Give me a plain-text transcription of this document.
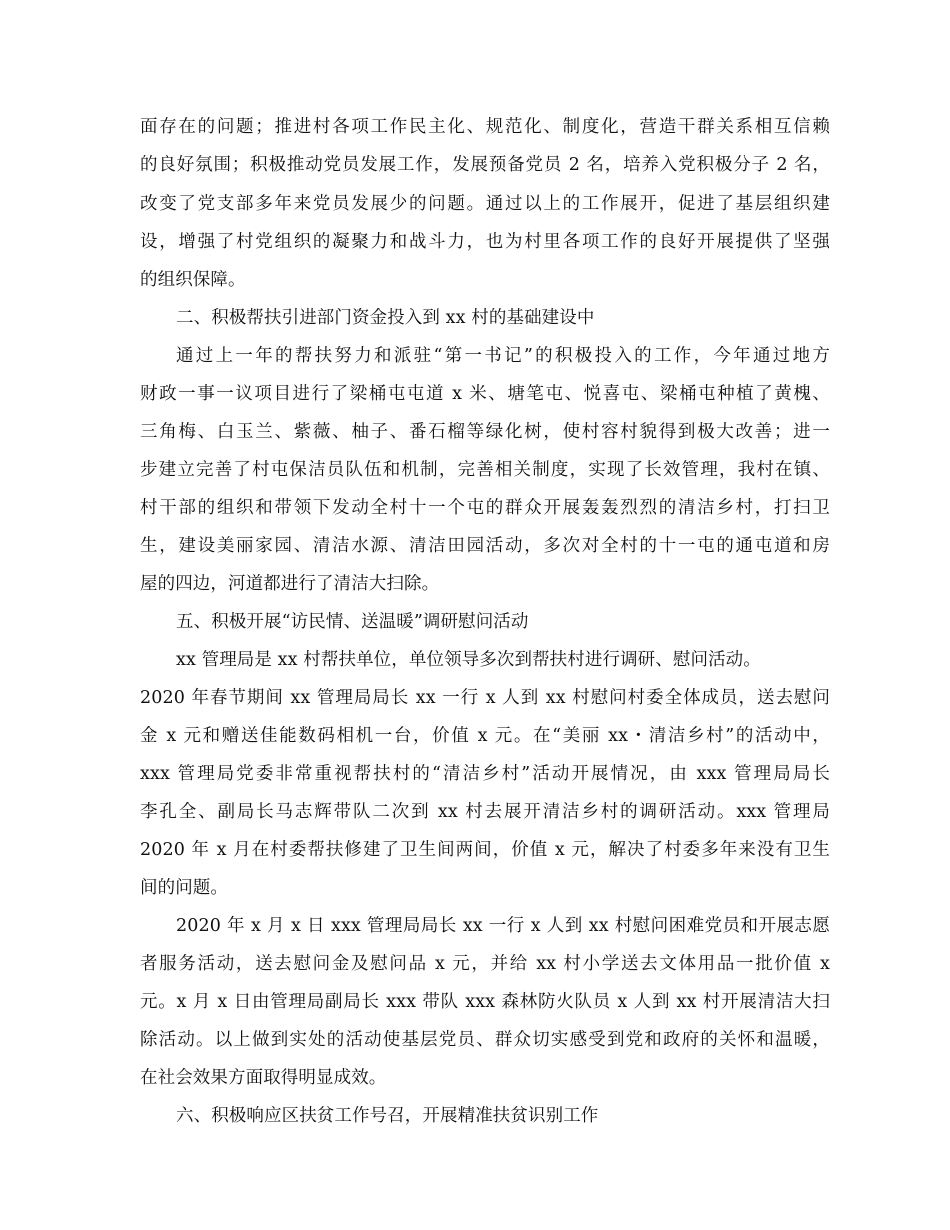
面存在的问题；推进村各项工作民主化、规范化、制度化，营造干群关系相互信赖
的良好氛围；积极推动党员发展工作，发展预备党员 2 名，培养入党积极分子 2 名，
改变了党支部多年来党员发展少的问题。通过以上的工作展开，促进了基层组织建
设，增强了村党组织的凝聚力和战斗力，也为村里各项工作的良好开展提供了坚强
的组织保障。
二、积极帮扶引进部门资金投入到 xx 村的基础建设中
通过上一年的帮扶努力和派驻“第一书记”的积极投入的工作，今年通过地方
财政一事一议项目进行了梁桶屯屯道 x 米、塘笔屯、悦喜屯、梁桶屯种植了黄槐、
三角梅、白玉兰、紫薇、柚子、番石榴等绿化树，使村容村貌得到极大改善；进一
步建立完善了村屯保洁员队伍和机制，完善相关制度，实现了长效管理，我村在镇、
村干部的组织和带领下发动全村十一个屯的群众开展轰轰烈烈的清洁乡村，打扫卫
生，建设美丽家园、清洁水源、清洁田园活动，多次对全村的十一屯的通屯道和房
屋的四边，河道都进行了清洁大扫除。
五、积极开展“访民情、送温暖”调研慰问活动
xx 管理局是 xx 村帮扶单位，单位领导多次到帮扶村进行调研、慰问活动。
2020 年春节期间 xx 管理局局长 xx 一行 x 人到 xx 村慰问村委全体成员，送去慰问
金 x 元和赠送佳能数码相机一台，价值 x 元。在“美丽 xx・清洁乡村”的活动中，
xxx 管理局党委非常重视帮扶村的“清洁乡村”活动开展情况，由 xxx 管理局局长
李孔全、副局长马志辉带队二次到 xx 村去展开清洁乡村的调研活动。xxx 管理局
2020 年 x 月在村委帮扶修建了卫生间两间，价值 x 元，解决了村委多年来没有卫生
间的问题。
2020 年 x 月 x 日 xxx 管理局局长 xx 一行 x 人到 xx 村慰问困难党员和开展志愿
者服务活动，送去慰问金及慰问品 x 元，并给 xx 村小学送去文体用品一批价值 x
元。x 月 x 日由管理局副局长 xxx 带队 xxx 森林防火队员 x 人到 xx 村开展清洁大扫
除活动。以上做到实处的活动使基层党员、群众切实感受到党和政府的关怀和温暖，
在社会效果方面取得明显成效。
六、积极响应区扶贫工作号召，开展精准扶贫识别工作
